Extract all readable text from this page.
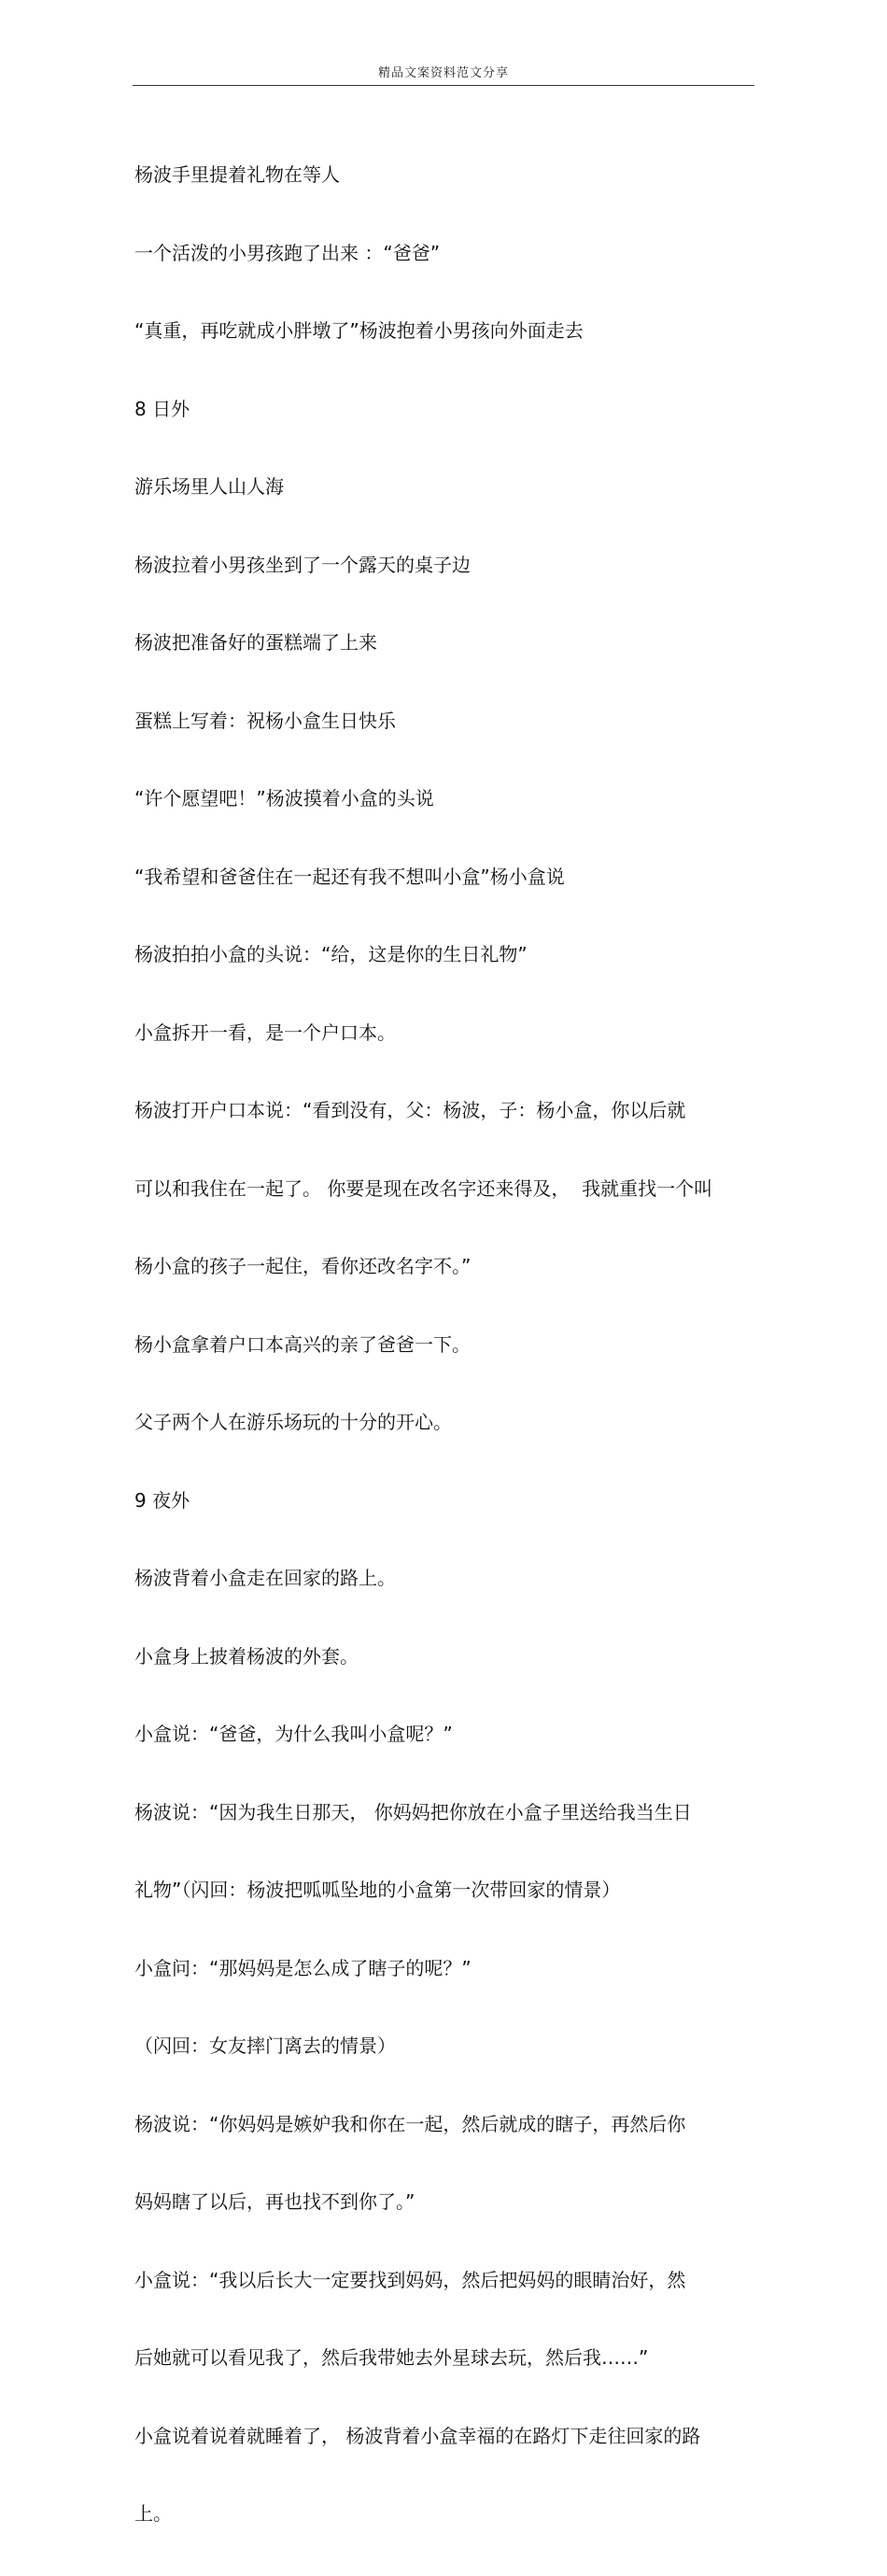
精品文案资料范文分享

杨波手里提着礼物在等人

一个活泼的小男孩跑了出来 ：“爸爸”

“真重，再吃就成小胖墩了”杨波抱着小男孩向外面走去

8 日外

游乐场里人山人海

杨波拉着小男孩坐到了一个露天的桌子边

杨波把准备好的蛋糕端了上来

蛋糕上写着：祝杨小盒生日快乐

“许个愿望吧！”杨波摸着小盒的头说

“我希望和爸爸住在一起还有我不想叫小盒”杨小盒说

杨波拍拍小盒的头说：“给，这是你的生日礼物”

小盒拆开一看，是一个户口本。

杨波打开户口本说：“看到没有，父：杨波，子：杨小盒，你以后就

可以和我住在一起了。 你要是现在改名字还来得及，  我就重找一个叫

杨小盒的孩子一起住，看你还改名字不。”

杨小盒拿着户口本高兴的亲了爸爸一下。

父子两个人在游乐场玩的十分的开心。

9 夜外

杨波背着小盒走在回家的路上。

小盒身上披着杨波的外套。

小盒说：“爸爸，为什么我叫小盒呢？”

杨波说：“因为我生日那天， 你妈妈把你放在小盒子里送给我当生日

礼物”（闪回：杨波把呱呱坠地的小盒第一次带回家的情景）

小盒问：“那妈妈是怎么成了瞎子的呢？”

（闪回：女友摔门离去的情景）

杨波说：“你妈妈是嫉妒我和你在一起，然后就成的瞎子，再然后你

妈妈瞎了以后，再也找不到你了。”

小盒说：“我以后长大一定要找到妈妈，然后把妈妈的眼睛治好，然

后她就可以看见我了，然后我带她去外星球去玩，然后我……”

小盒说着说着就睡着了， 杨波背着小盒幸福的在路灯下走往回家的路

上。
